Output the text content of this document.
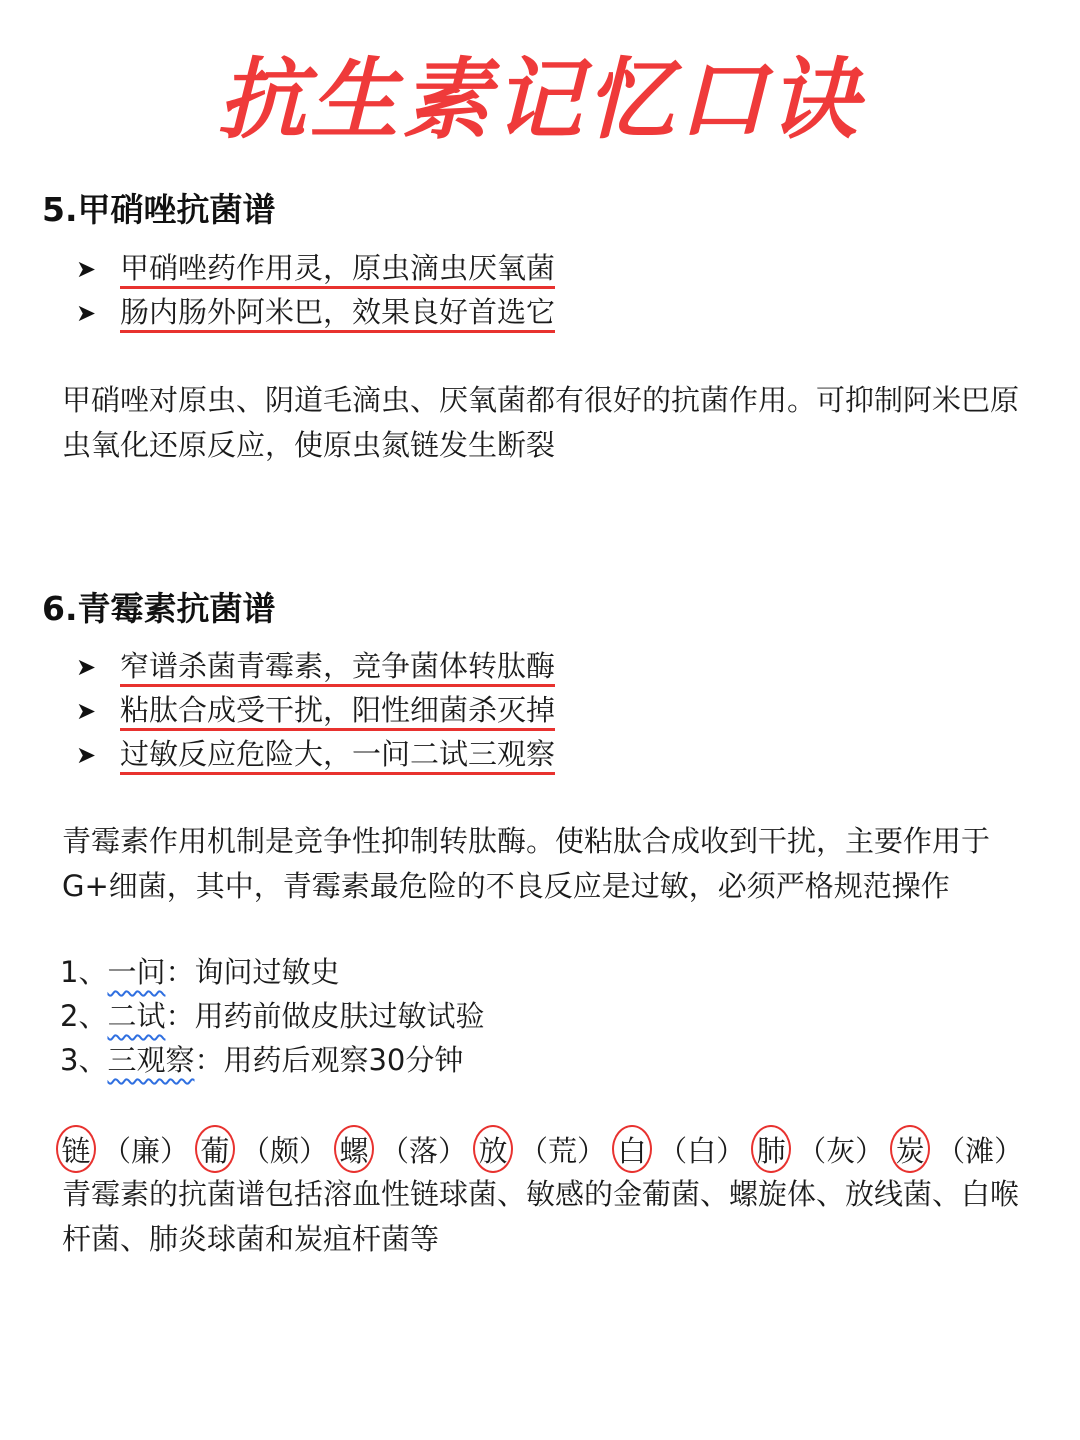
抗生素记忆口诀
5.甲硝唑抗菌谱
➤ 甲硝唑药作用灵，原虫滴虫厌氧菌
➤ 肠内肠外阿米巴，效果良好首选它

甲硝唑对原虫、阴道毛滴虫、厌氧菌都有很好的抗菌作用。可抑制阿米巴原虫氧化还原反应，使原虫氮链发生断裂

6.青霉素抗菌谱
➤ 窄谱杀菌青霉素，竞争菌体转肽酶
➤ 粘肽合成受干扰，阳性细菌杀灭掉
➤ 过敏反应危险大，一问二试三观察

青霉素作用机制是竞争性抑制转肽酶。使粘肽合成收到干扰，主要作用于G+细菌，其中，青霉素最危险的不良反应是过敏，必须严格规范操作

1、一问：询问过敏史
2、二试：用药前做皮肤过敏试验
3、三观察：用药后观察30分钟
链 （廉） 葡 （颇） 螺 （落） 放 （荒） 白 （白） 肺 （灰） 炭 （滩）

青霉素的抗菌谱包括溶血性链球菌、敏感的金葡菌、螺旋体、放线菌、白喉杆菌、肺炎球菌和炭疽杆菌等
